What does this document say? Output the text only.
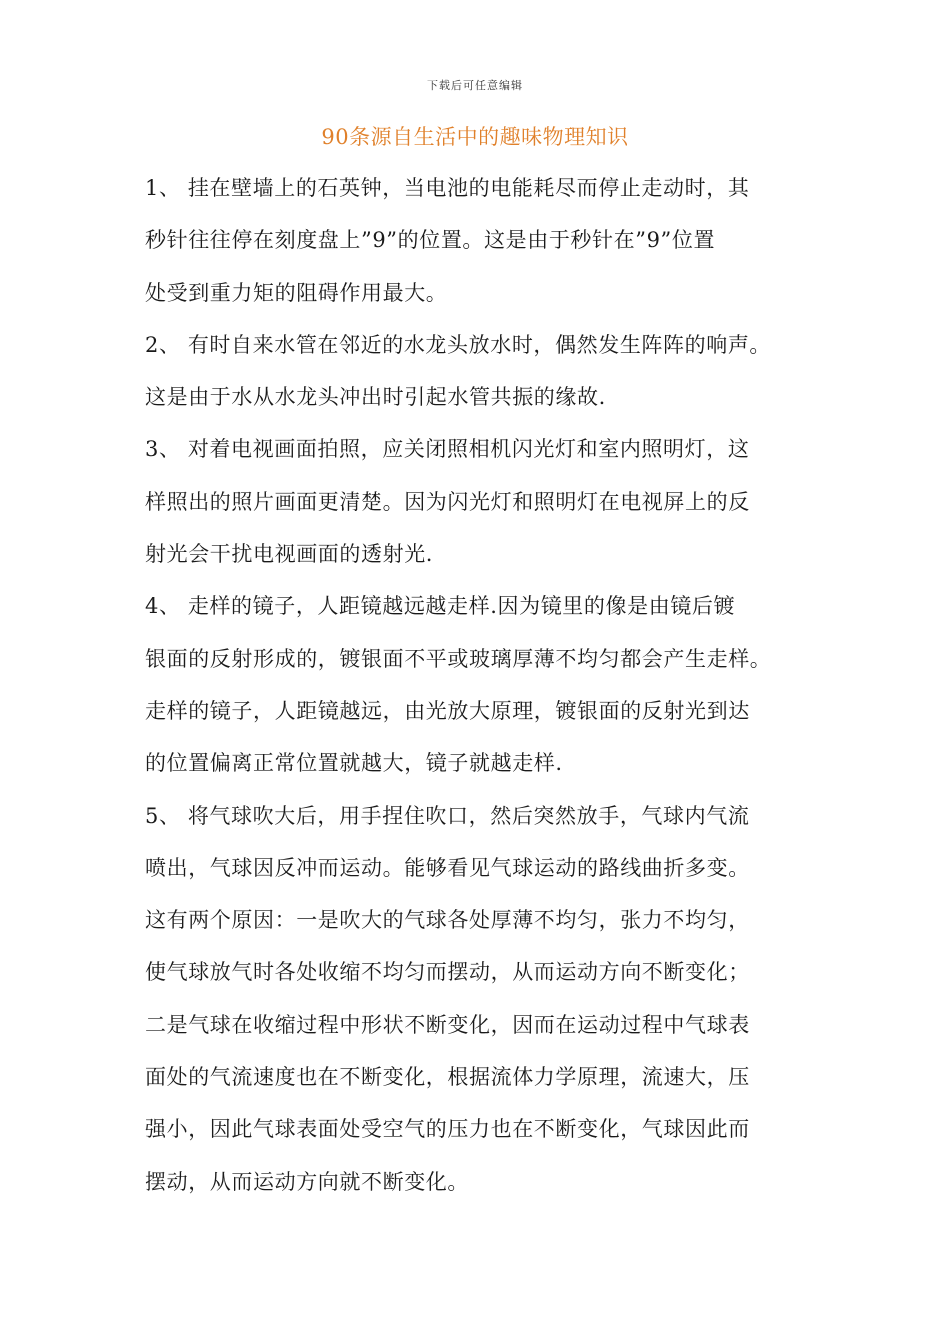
下载后可任意编辑
90条源自生活中的趣味物理知识
1、 挂在壁墙上的石英钟，当电池的电能耗尽而停止走动时，其
秒针往往停在刻度盘上”9”的位置。这是由于秒针在”9”位置
处受到重力矩的阻碍作用最大。
2、 有时自来水管在邻近的水龙头放水时，偶然发生阵阵的响声。
这是由于水从水龙头冲出时引起水管共振的缘故.
3、 对着电视画面拍照，应关闭照相机闪光灯和室内照明灯，这
样照出的照片画面更清楚。因为闪光灯和照明灯在电视屏上的反
射光会干扰电视画面的透射光.
4、 走样的镜子，人距镜越远越走样.因为镜里的像是由镜后镀
银面的反射形成的，镀银面不平或玻璃厚薄不均匀都会产生走样。
走样的镜子，人距镜越远，由光放大原理，镀银面的反射光到达
的位置偏离正常位置就越大，镜子就越走样.
5、 将气球吹大后，用手捏住吹口，然后突然放手，气球内气流
喷出，气球因反冲而运动。能够看见气球运动的路线曲折多变。
这有两个原因：一是吹大的气球各处厚薄不均匀，张力不均匀，
使气球放气时各处收缩不均匀而摆动，从而运动方向不断变化；
二是气球在收缩过程中形状不断变化，因而在运动过程中气球表
面处的气流速度也在不断变化，根据流体力学原理，流速大，压
强小，因此气球表面处受空气的压力也在不断变化，气球因此而
摆动，从而运动方向就不断变化。
